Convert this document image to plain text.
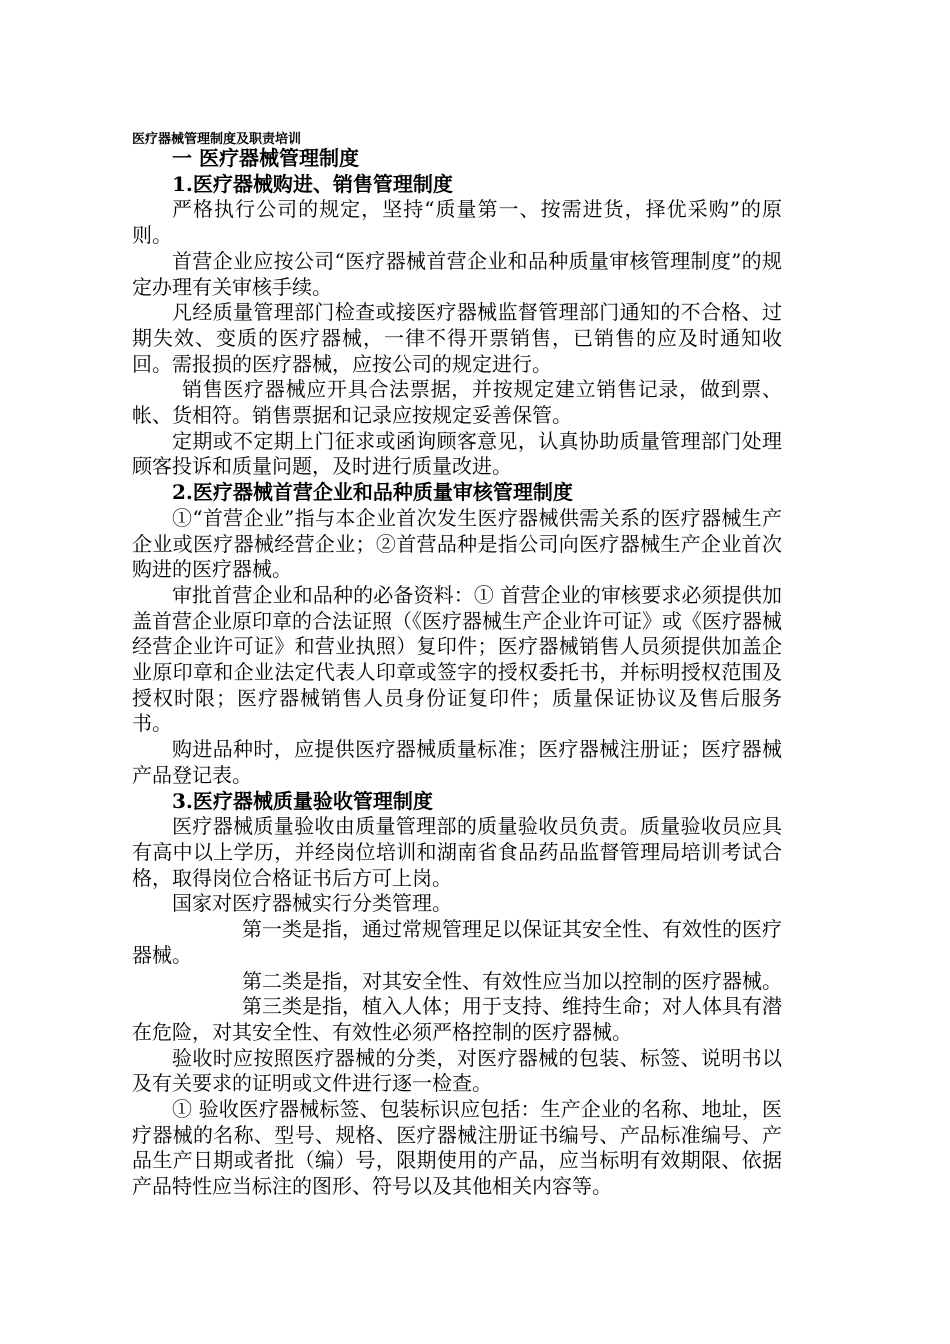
医疗器械管理制度及职责培训
一 医疗器械管理制度
1.医疗器械购进、销售管理制度

严格执行公司的规定，坚持“质量第一、按需进货，择优采购”的原则。

首营企业应按公司“医疗器械首营企业和品种质量审核管理制度”的规定办理有关审核手续。

凡经质量管理部门检查或接医疗器械监督管理部门通知的不合格、过期失效、变质的医疗器械，一律不得开票销售，已销售的应及时通知收回。需报损的医疗器械，应按公司的规定进行。

销售医疗器械应开具合法票据，并按规定建立销售记录，做到票、帐、货相符。销售票据和记录应按规定妥善保管。

定期或不定期上门征求或函询顾客意见，认真协助质量管理部门处理顾客投诉和质量问题，及时进行质量改进。

2.医疗器械首营企业和品种质量审核管理制度

①“首营企业”指与本企业首次发生医疗器械供需关系的医疗器械生产企业或医疗器械经营企业；②首营品种是指公司向医疗器械生产企业首次购进的医疗器械。

审批首营企业和品种的必备资料：① 首营企业的审核要求必须提供加盖首营企业原印章的合法证照（《医疗器械生产企业许可证》或《医疗器械经营企业许可证》和营业执照）复印件；医疗器械销售人员须提供加盖企业原印章和企业法定代表人印章或签字的授权委托书，并标明授权范围及授权时限；医疗器械销售人员身份证复印件；质量保证协议及售后服务书。

购进品种时，应提供医疗器械质量标准；医疗器械注册证；医疗器械产品登记表。

3.医疗器械质量验收管理制度

医疗器械质量验收由质量管理部的质量验收员负责。质量验收员应具有高中以上学历，并经岗位培训和湖南省食品药品监督管理局培训考试合格，取得岗位合格证书后方可上岗。

国家对医疗器械实行分类管理。

第一类是指，通过常规管理足以保证其安全性、有效性的医疗器械。

第二类是指，对其安全性、有效性应当加以控制的医疗器械。

第三类是指，植入人体；用于支持、维持生命；对人体具有潜在危险，对其安全性、有效性必须严格控制的医疗器械。

验收时应按照医疗器械的分类，对医疗器械的包装、标签、说明书以及有关要求的证明或文件进行逐一检查。

① 验收医疗器械标签、包装标识应包括：生产企业的名称、地址，医疗器械的名称、型号、规格、医疗器械注册证书编号、产品标准编号、产品生产日期或者批（编）号，限期使用的产品，应当标明有效期限、依据产品特性应当标注的图形、符号以及其他相关内容等。
